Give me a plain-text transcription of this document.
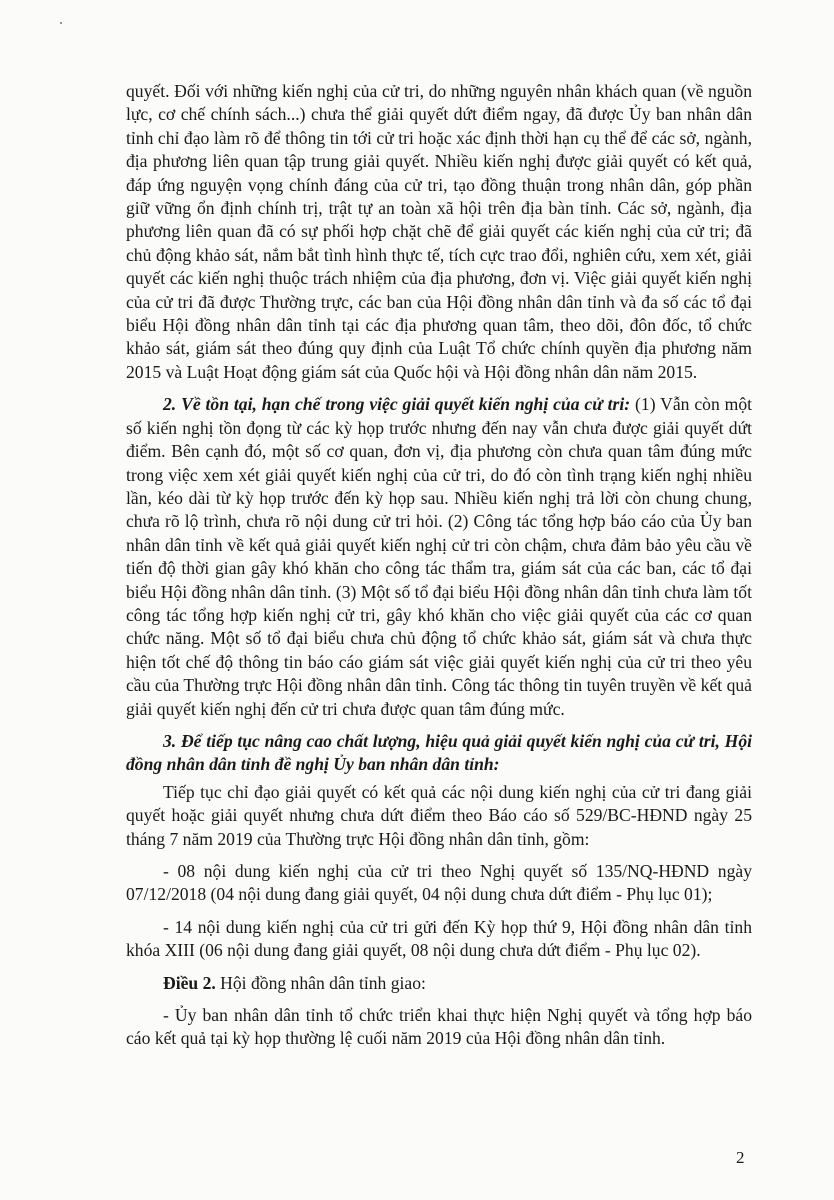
quyết. Đối với những kiến nghị của cử tri, do những nguyên nhân khách quan (về nguồn lực, cơ chế chính sách...) chưa thể giải quyết dứt điểm ngay, đã được Ủy ban nhân dân tỉnh chỉ đạo làm rõ để thông tin tới cử tri hoặc xác định thời hạn cụ thể để các sở, ngành, địa phương liên quan tập trung giải quyết. Nhiều kiến nghị được giải quyết có kết quả, đáp ứng nguyện vọng chính đáng của cử tri, tạo đồng thuận trong nhân dân, góp phần giữ vững ổn định chính trị, trật tự an toàn xã hội trên địa bàn tỉnh. Các sở, ngành, địa phương liên quan đã có sự phối hợp chặt chẽ để giải quyết các kiến nghị của cử tri; đã chủ động khảo sát, nắm bắt tình hình thực tế, tích cực trao đổi, nghiên cứu, xem xét, giải quyết các kiến nghị thuộc trách nhiệm của địa phương, đơn vị. Việc giải quyết kiến nghị của cử tri đã được Thường trực, các ban của Hội đồng nhân dân tỉnh và đa số các tổ đại biểu Hội đồng nhân dân tỉnh tại các địa phương quan tâm, theo dõi, đôn đốc, tổ chức khảo sát, giám sát theo đúng quy định của Luật Tổ chức chính quyền địa phương năm 2015 và Luật Hoạt động giám sát của Quốc hội và Hội đồng nhân dân năm 2015.

2. Về tồn tại, hạn chế trong việc giải quyết kiến nghị của cử tri: (1) Vẫn còn một số kiến nghị tồn đọng từ các kỳ họp trước nhưng đến nay vẫn chưa được giải quyết dứt điểm. Bên cạnh đó, một số cơ quan, đơn vị, địa phương còn chưa quan tâm đúng mức trong việc xem xét giải quyết kiến nghị của cử tri, do đó còn tình trạng kiến nghị nhiều lần, kéo dài từ kỳ họp trước đến kỳ họp sau. Nhiều kiến nghị trả lời còn chung chung, chưa rõ lộ trình, chưa rõ nội dung cử tri hỏi. (2) Công tác tổng hợp báo cáo của Ủy ban nhân dân tỉnh về kết quả giải quyết kiến nghị cử tri còn chậm, chưa đảm bảo yêu cầu về tiến độ thời gian gây khó khăn cho công tác thẩm tra, giám sát của các ban, các tổ đại biểu Hội đồng nhân dân tỉnh. (3) Một số tổ đại biểu Hội đồng nhân dân tỉnh chưa làm tốt công tác tổng hợp kiến nghị cử tri, gây khó khăn cho việc giải quyết của các cơ quan chức năng. Một số tổ đại biểu chưa chủ động tổ chức khảo sát, giám sát và chưa thực hiện tốt chế độ thông tin báo cáo giám sát việc giải quyết kiến nghị của cử tri theo yêu cầu của Thường trực Hội đồng nhân dân tỉnh. Công tác thông tin tuyên truyền về kết quả giải quyết kiến nghị đến cử tri chưa được quan tâm đúng mức.

3. Để tiếp tục nâng cao chất lượng, hiệu quả giải quyết kiến nghị của cử tri, Hội đồng nhân dân tỉnh đề nghị Ủy ban nhân dân tỉnh:

Tiếp tục chỉ đạo giải quyết có kết quả các nội dung kiến nghị của cử tri đang giải quyết hoặc giải quyết nhưng chưa dứt điểm theo Báo cáo số 529/BC-HĐND ngày 25 tháng 7 năm 2019 của Thường trực Hội đồng nhân dân tỉnh, gồm:

- 08 nội dung kiến nghị của cử tri theo Nghị quyết số 135/NQ-HĐND ngày 07/12/2018 (04 nội dung đang giải quyết, 04 nội dung chưa dứt điểm - Phụ lục 01);

- 14 nội dung kiến nghị của cử tri gửi đến Kỳ họp thứ 9, Hội đồng nhân dân tỉnh khóa XIII (06 nội dung đang giải quyết, 08 nội dung chưa dứt điểm - Phụ lục 02).

Điều 2. Hội đồng nhân dân tỉnh giao:

- Ủy ban nhân dân tỉnh tổ chức triển khai thực hiện Nghị quyết và tổng hợp báo cáo kết quả tại kỳ họp thường lệ cuối năm 2019 của Hội đồng nhân dân tỉnh.

2
